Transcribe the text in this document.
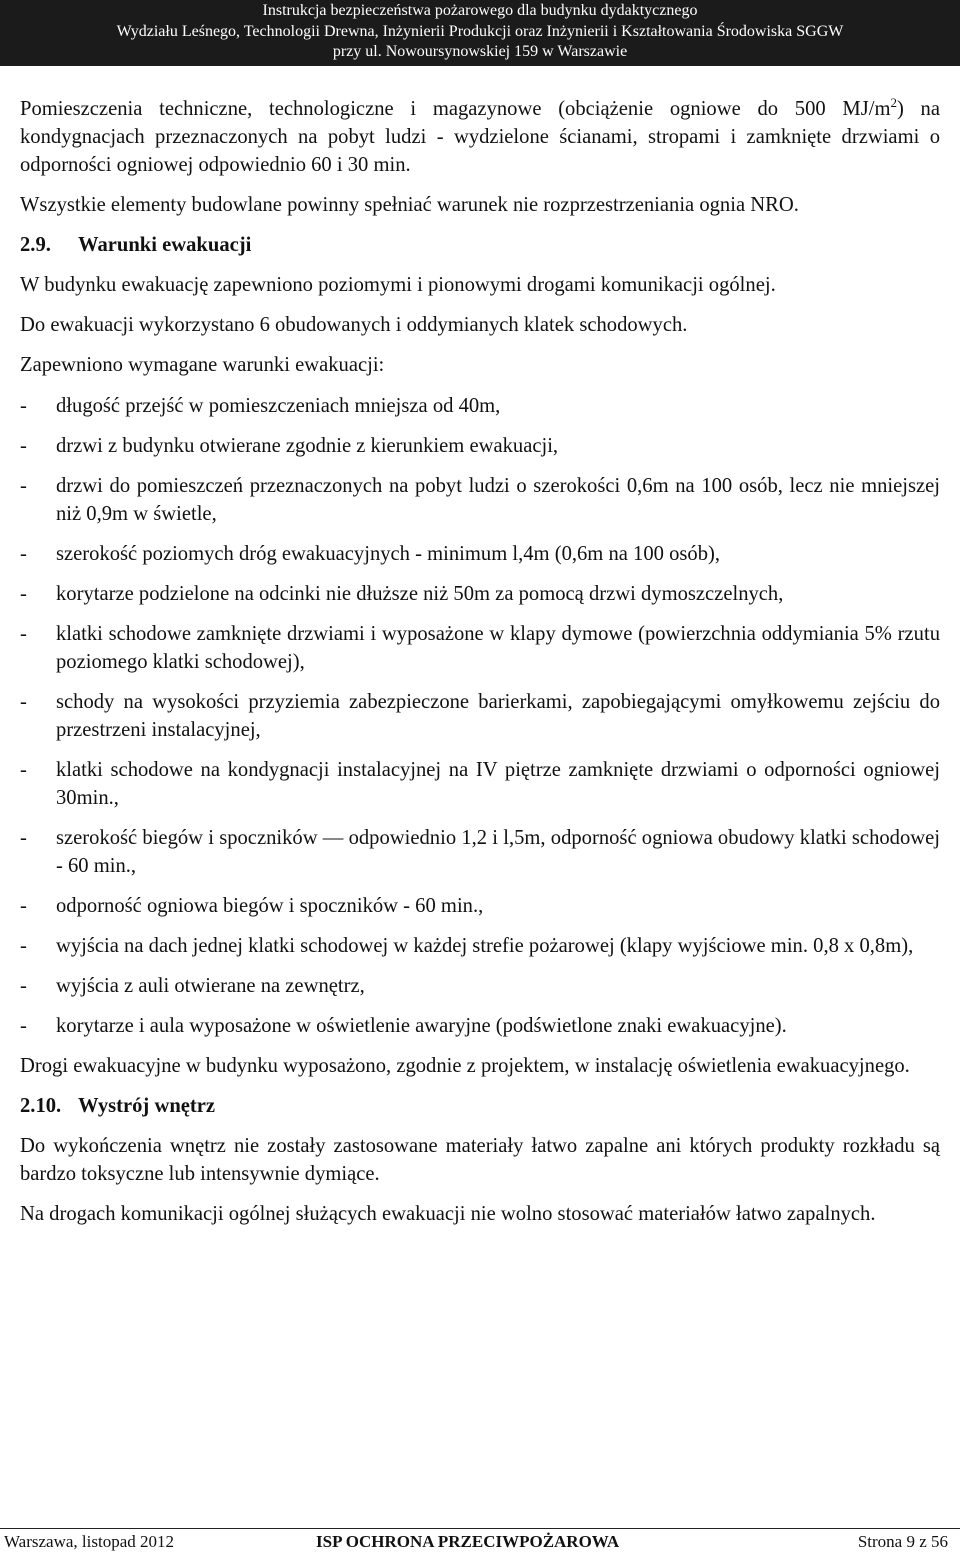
Instrukcja bezpieczeństwa pożarowego dla budynku dydaktycznego
Wydziału Leśnego, Technologii Drewna, Inżynierii Produkcji oraz Inżynierii i Kształtowania Środowiska SGGW
przy ul. Nowoursynowskiej 159 w Warszawie

Pomieszczenia techniczne, technologiczne i magazynowe (obciążenie ogniowe do 500 $MJ/m^2$) na kondygnacjach przeznaczonych na pobyt ludzi - wydzielone ścianami, stropami i zamknięte drzwiami o odporności ogniowej odpowiednio 60 i 30 min.

Wszystkie elementy budowlane powinny spełniać warunek nie rozprzestrzeniania ognia NRO.

2.9. Warunki ewakuacji

W budynku ewakuację zapewniono poziomymi i pionowymi drogami komunikacji ogólnej.

Do ewakuacji wykorzystano 6 obudowanych i oddymianych klatek schodowych.

Zapewniono wymagane warunki ewakuacji:

-	długość przejść w pomieszczeniach mniejsza od 40m,
-	drzwi z budynku otwierane zgodnie z kierunkiem ewakuacji,
-	drzwi do pomieszczeń przeznaczonych na pobyt ludzi o szerokości 0,6m na 100 osób, lecz nie mniejszej niż 0,9m w świetle,
-	szerokość poziomych dróg ewakuacyjnych - minimum l,4m (0,6m na 100 osób),
-	korytarze podzielone na odcinki nie dłuższe niż 50m za pomocą drzwi dymoszczelnych,
-	klatki schodowe zamknięte drzwiami i wyposażone w klapy dymowe (powierzchnia oddymiania 5% rzutu poziomego klatki schodowej),
-	schody na wysokości przyziemia zabezpieczone barierkami, zapobiegającymi omyłkowemu zejściu do przestrzeni instalacyjnej,
-	klatki schodowe na kondygnacji instalacyjnej na IV piętrze zamknięte drzwiami o odporności ogniowej 30min.,
-	szerokość biegów i spoczników — odpowiednio 1,2 i l,5m, odporność ogniowa obudowy klatki schodowej - 60 min.,
-	odporność ogniowa biegów i spoczników - 60 min.,
-	wyjścia na dach jednej klatki schodowej w każdej strefie pożarowej (klapy wyjściowe min. 0,8 x 0,8m),
-	wyjścia z auli otwierane na zewnętrz,
-	korytarze i aula wyposażone w oświetlenie awaryjne (podświetlone znaki ewakuacyjne).

Drogi ewakuacyjne w budynku wyposażono, zgodnie z projektem, w instalację oświetlenia ewakuacyjnego.

2.10. Wystrój wnętrz

Do wykończenia wnętrz nie zostały zastosowane materiały łatwo zapalne ani których produkty rozkładu są bardzo toksyczne lub intensywnie dymiące.

Na drogach komunikacji ogólnej służących ewakuacji nie wolno stosować materiałów łatwo zapalnych.

Warszawa, listopad 2012	ISP OCHRONA PRZECIWPOŻAROWA	Strona 9 z 56
